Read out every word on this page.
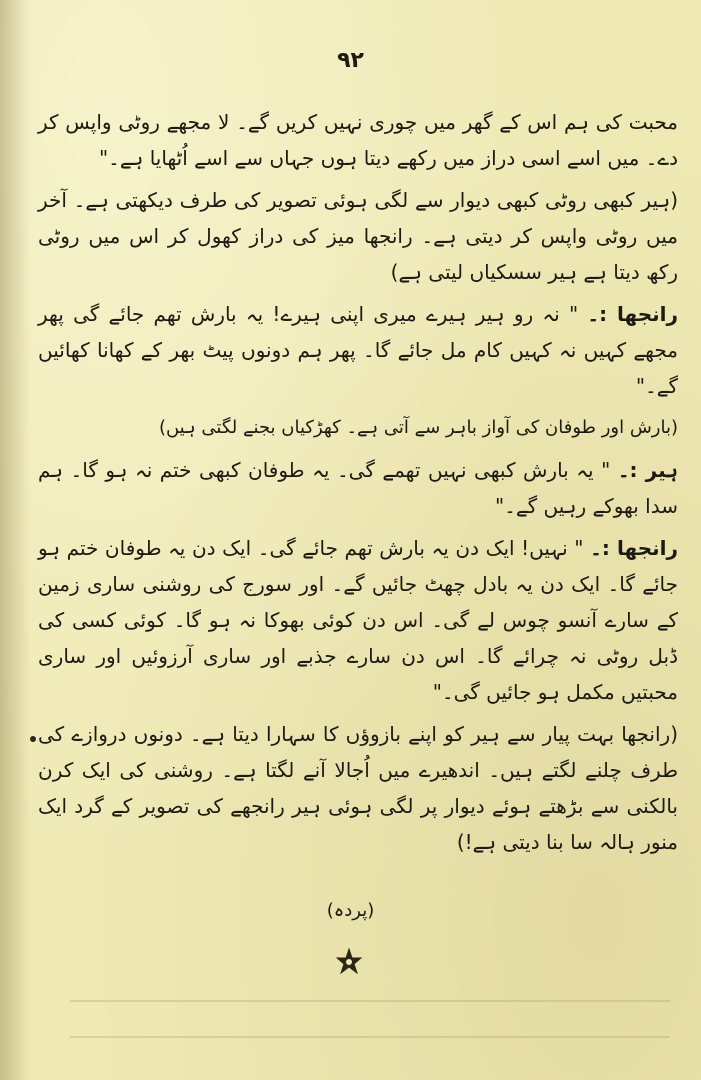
۹۲

محبت کی ہم اس کے گھر میں چوری نہیں کریں گے۔ لا مجھے روٹی واپس کر دے۔ میں اسے اسی دراز میں رکھے دیتا ہوں جہاں سے اسے اُٹھایا ہے۔"

(ہیر کبھی روٹی کبھی دیوار سے لگی ہوئی تصویر کی طرف دیکھتی ہے۔ آخر میں روٹی واپس کر دیتی ہے۔ رانجھا میز کی دراز کھول کر اس میں روٹی رکھ دیتا ہے ہیر سسکیاں لیتی ہے)

رانجھا :۔ " نہ رو ہیر ہیرے میری اپنی ہیرے! یہ بارش تھم جائے گی پھر مجھے کہیں نہ کہیں کام مل جائے گا۔ پھر ہم دونوں پیٹ بھر کے کھانا کھائیں گے۔"

(بارش اور طوفان کی آواز باہر سے آتی ہے۔ کھڑکیاں بجنے لگتی ہیں)

ہیر :۔ " یہ بارش کبھی نہیں تھمے گی۔ یہ طوفان کبھی ختم نہ ہو گا۔ ہم سدا بھوکے رہیں گے۔"

رانجھا :۔ " نہیں! ایک دن یہ بارش تھم جائے گی۔ ایک دن یہ طوفان ختم ہو جائے گا۔ ایک دن یہ بادل چھٹ جائیں گے۔ اور سورج کی روشنی ساری زمین کے سارے آنسو چوس لے گی۔ اس دن کوئی بھوکا نہ ہو گا۔ کوئی کسی کی ڈبل روٹی نہ چرائے گا۔ اس دن سارے جذبے اور ساری آرزوئیں اور ساری محبتیں مکمل ہو جائیں گی۔"

(رانجھا بہت پیار سے ہیر کو اپنے بازوؤں کا سہارا دیتا ہے۔ دونوں دروازے کی طرف چلنے لگتے ہیں۔ اندھیرے میں اُجالا آنے لگتا ہے۔ روشنی کی ایک کرن بالکنی سے بڑھتے ہوئے دیوار پر لگی ہوئی ہیر رانجھے کی تصویر کے گرد ایک منور ہالہ سا بنا دیتی ہے!)

(پردہ)
